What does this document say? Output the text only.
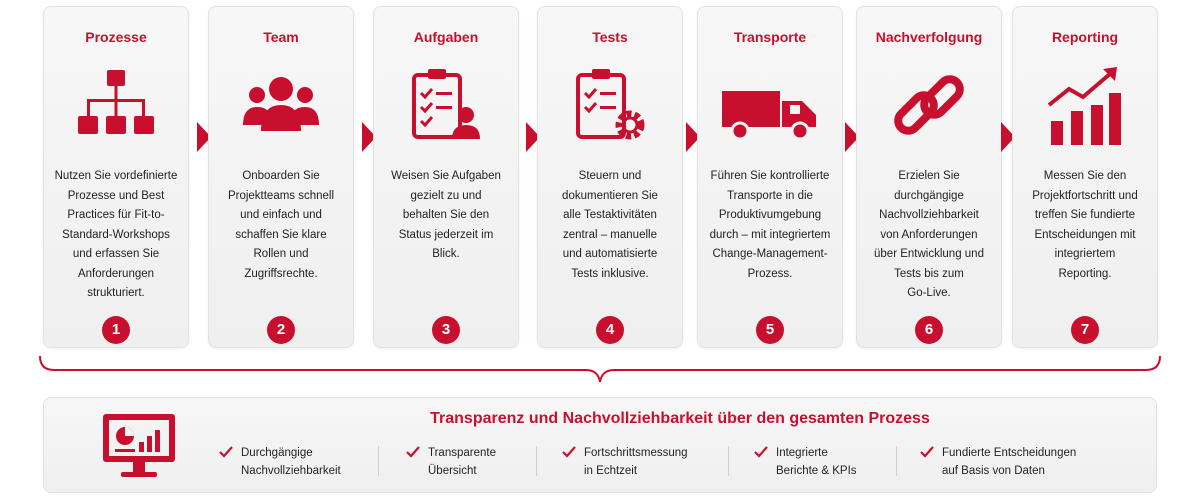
Prozesse
Nutzen Sie vordefinierte
Prozesse und Best
Practices für Fit-to-
Standard-Workshops
und erfassen Sie
Anforderungen
strukturiert.
1
Team
Onboarden Sie
Projektteams schnell
und einfach und
schaffen Sie klare
Rollen und
Zugriffsrechte.
2
Aufgaben
Weisen Sie Aufgaben
gezielt zu und
behalten Sie den
Status jederzeit im
Blick.
3
Tests
Steuern und
dokumentieren Sie
alle Testaktivitäten
zentral – manuelle
und automatisierte
Tests inklusive.
4
Transporte
Führen Sie kontrollierte
Transporte in die
Produktivumgebung
durch – mit integriertem
Change-Management-
Prozess.
5
Nachverfolgung
Erzielen Sie durchgängige
Nachvollziehbarkeit
von Anforderungen
über Entwicklung und
Tests bis zum
Go-Live.
6
Reporting
Messen Sie den
Projektfortschritt und
treffen Sie fundierte
Entscheidungen mit
integriertem
Reporting.
7
Transparenz und Nachvollziehbarkeit über den gesamten Prozess
Durchgängige
Nachvollziehbarkeit
Transparente
Übersicht
Fortschrittsmessung
in Echtzeit
Integrierte
Berichte & KPIs
Fundierte Entscheidungen
auf Basis von Daten
